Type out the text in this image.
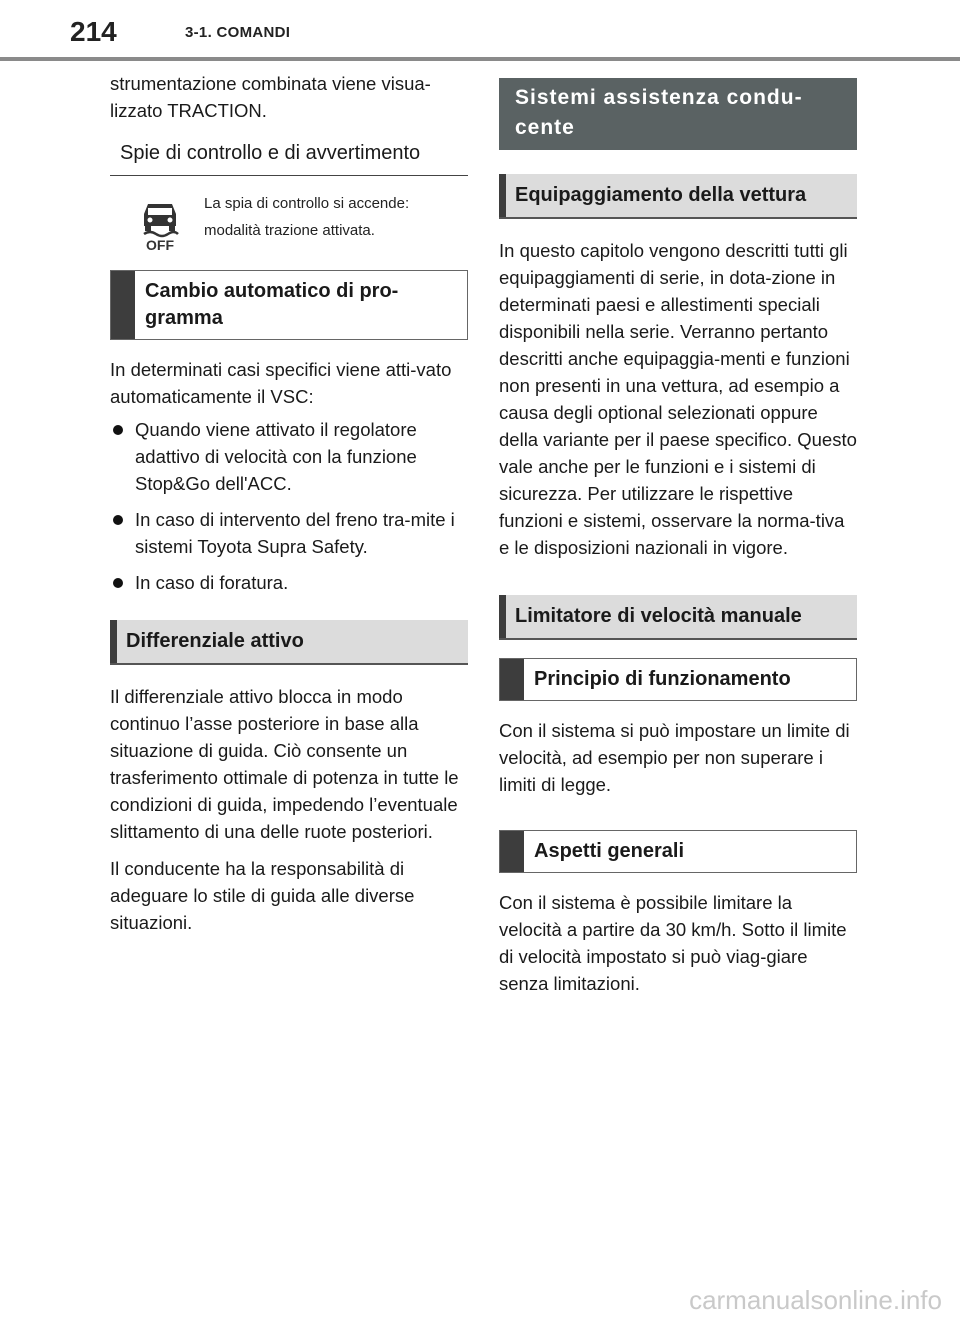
214	3-1. COMANDI

strumentazione combinata viene visua-lizzato TRACTION.

Spie di controllo e di avvertimento
OFF
La spia di controllo si accende:
modalità trazione attivata.
Cambio automatico di pro-gramma

In determinati casi specifici viene atti-vato automaticamente il VSC:

Quando viene attivato il regolatore adattivo di velocità con la funzione Stop&Go dell'ACC.
In caso di intervento del freno tra-mite i sistemi Toyota Supra Safety.
In caso di foratura.
Differenziale attivo

Il differenziale attivo blocca in modo continuo l’asse posteriore in base alla situazione di guida. Ciò consente un trasferimento ottimale di potenza in tutte le condizioni di guida, impedendo l’eventuale slittamento di una delle ruote posteriori.

Il conducente ha la responsabilità di adeguare lo stile di guida alle diverse situazioni.

Sistemi assistenza condu-cente
Equipaggiamento della vettura

In questo capitolo vengono descritti tutti gli equipaggiamenti di serie, in dota-zione in determinati paesi e allestimenti speciali disponibili nella serie. Verranno pertanto descritti anche equipaggia-menti e funzioni non presenti in una vettura, ad esempio a causa degli optional selezionati oppure della variante per il paese specifico. Questo vale anche per le funzioni e i sistemi di sicurezza. Per utilizzare le rispettive funzioni e sistemi, osservare la norma-tiva e le disposizioni nazionali in vigore.

Limitatore di velocità manuale
Principio di funzionamento

Con il sistema si può impostare un limite di velocità, ad esempio per non superare i limiti di legge.

Aspetti generali

Con il sistema è possibile limitare la velocità a partire da 30 km/h. Sotto il limite di velocità impostato si può viag-giare senza limitazioni.

carmanualsonline.info
